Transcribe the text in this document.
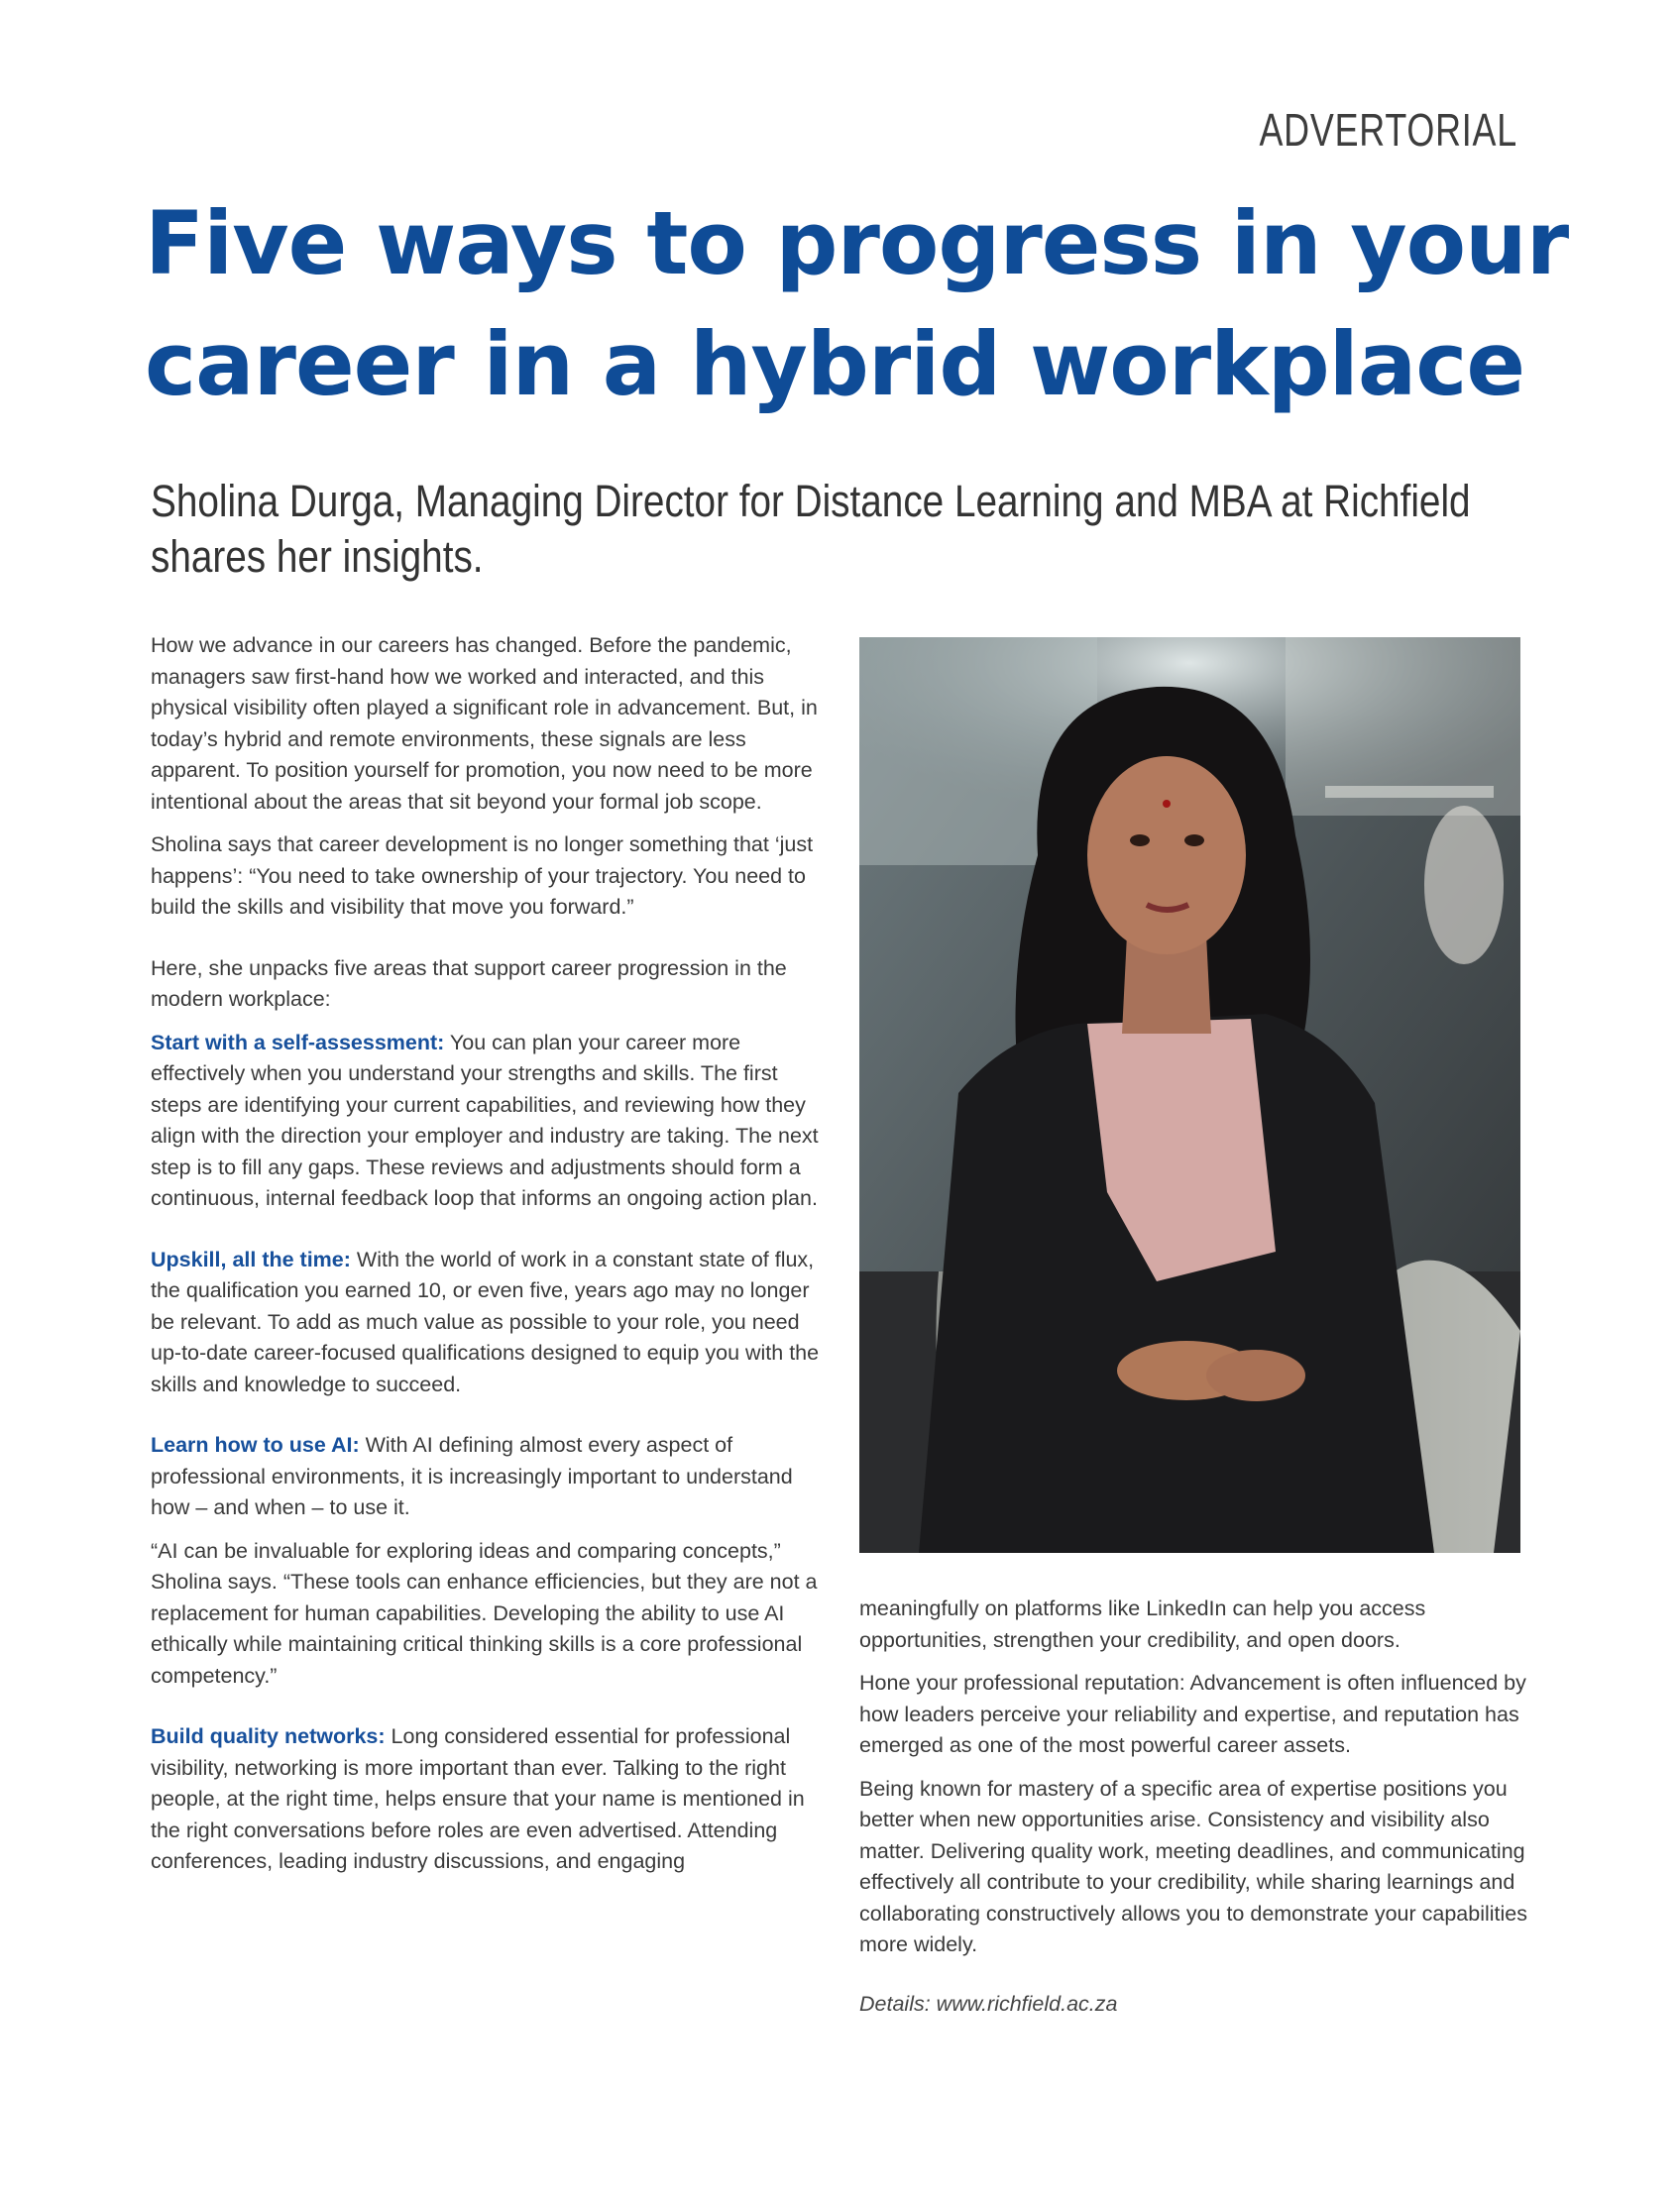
ADVERTORIAL
Five ways to progress in your
career in a hybrid workplace

Sholina Durga, Managing Director for Distance Learning and MBA at Richfield shares her insights.

How we advance in our careers has changed. Before the pandemic, managers saw first-hand how we worked and interacted, and this physical visibility often played a significant role in advancement. But, in today’s hybrid and remote environments, these signals are less apparent. To position yourself for promotion, you now need to be more intentional about the areas that sit beyond your formal job scope.

Sholina says that career development is no longer something that ‘just happens’: “You need to take ownership of your trajectory. You need to build the skills and visibility that move you forward.”

Here, she unpacks five areas that support career progression in the modern workplace:

Start with a self-assessment: You can plan your career more effectively when you understand your strengths and skills. The first steps are identifying your current capabilities, and reviewing how they align with the direction your employer and industry are taking. The next step is to fill any gaps. These reviews and adjustments should form a continuous, internal feedback loop that informs an ongoing action plan.

Upskill, all the time: With the world of work in a constant state of flux, the qualification you earned 10, or even five, years ago may no longer be relevant. To add as much value as possible to your role, you need up-to-date career-focused qualifications designed to equip you with the skills and knowledge to succeed.

Learn how to use AI: With AI defining almost every aspect of professional environments, it is increasingly important to understand how – and when – to use it.

“AI can be invaluable for exploring ideas and comparing concepts,” Sholina says. “These tools can enhance efficiencies, but they are not a replacement for human capabilities. Developing the ability to use AI ethically while maintaining critical thinking skills is a core professional competency.”

Build quality networks: Long considered essential for professional visibility, networking is more important than ever. Talking to the right people, at the right time, helps ensure that your name is mentioned in the right conversations before roles are even advertised. Attending conferences, leading industry discussions, and engaging

meaningfully on platforms like LinkedIn can help you access opportunities, strengthen your credibility, and open doors.

Hone your professional reputation: Advancement is often influenced by how leaders perceive your reliability and expertise, and reputation has emerged as one of the most powerful career assets.

Being known for mastery of a specific area of expertise positions you better when new opportunities arise. Consistency and visibility also matter. Delivering quality work, meeting deadlines, and communicating effectively all contribute to your credibility, while sharing learnings and collaborating constructively allows you to demonstrate your capabilities more widely.

Details: www.richfield.ac.za
